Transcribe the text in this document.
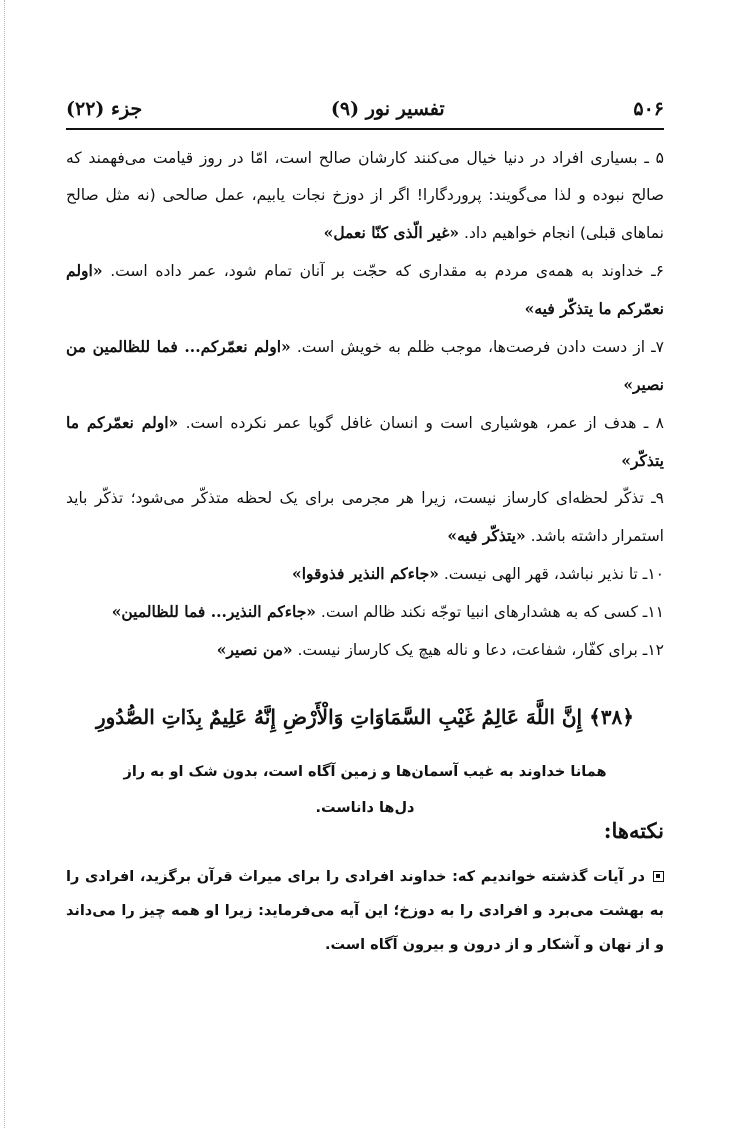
۵۰۶
تفسیر نور (۹)
جزء (۲۲)

۵ ـ بسیاری افراد در دنیا خیال می‌کنند کارشان صالح است، امّا در روز قیامت می‌فهمند که صالح نبوده و لذا می‌گویند: پروردگارا! اگر از دوزخ نجات یابیم، عمل صالحی (نه مثل صالح نماهای قبلی) انجام خواهیم داد. «غیر الّذی کنّا نعمل»

۶ـ خداوند به همه‌ی مردم به مقداری که حجّت بر آنان تمام شود، عمر داده است. «اولم نعمّرکم ما یتذکّر فیه»

۷ـ از دست دادن فرصت‌ها، موجب ظلم به خویش است. «اولم نعمّرکم... فما للظالمین من نصیر»

۸ ـ هدف از عمر، هوشیاری است و انسان غافل گویا عمر نکرده است. «اولم نعمّرکم ما یتذکّر»

۹ـ تذکّر لحظه‌ای کارساز نیست، زیرا هر مجرمی برای یک لحظه متذکّر می‌شود؛ تذکّر باید استمرار داشته باشد. «یتذکّر فیه»

۱۰ـ تا نذیر نباشد، قهر الهی نیست. «جاءکم النذیر فذوقوا»

۱۱ـ کسی که به هشدارهای انبیا توجّه نکند ظالم است. «جاءکم النذیر... فما للظالمین»

۱۲ـ برای کفّار، شفاعت، دعا و ناله هیچ یک کارساز نیست. «من نصیر»

﴿۳۸﴾ إِنَّ اللَّهَ عَالِمُ غَيْبِ السَّمَاوَاتِ وَالْأَرْضِ إِنَّهُ عَلِيمٌ بِذَاتِ الصُّدُورِ
همانا خداوند به غیب آسمان‌ها و زمین آگاه است، بدون شک او به راز دل‌ها داناست.
نکته‌ها:
در آیات گذشته خواندیم که: خداوند افرادی را برای میراث قرآن برگزید، افرادی را به بهشت می‌برد و افرادی را به دوزخ؛ این آیه می‌فرماید: زیرا او همه چیز را می‌داند و از نهان و آشکار و از درون و بیرون آگاه است.
